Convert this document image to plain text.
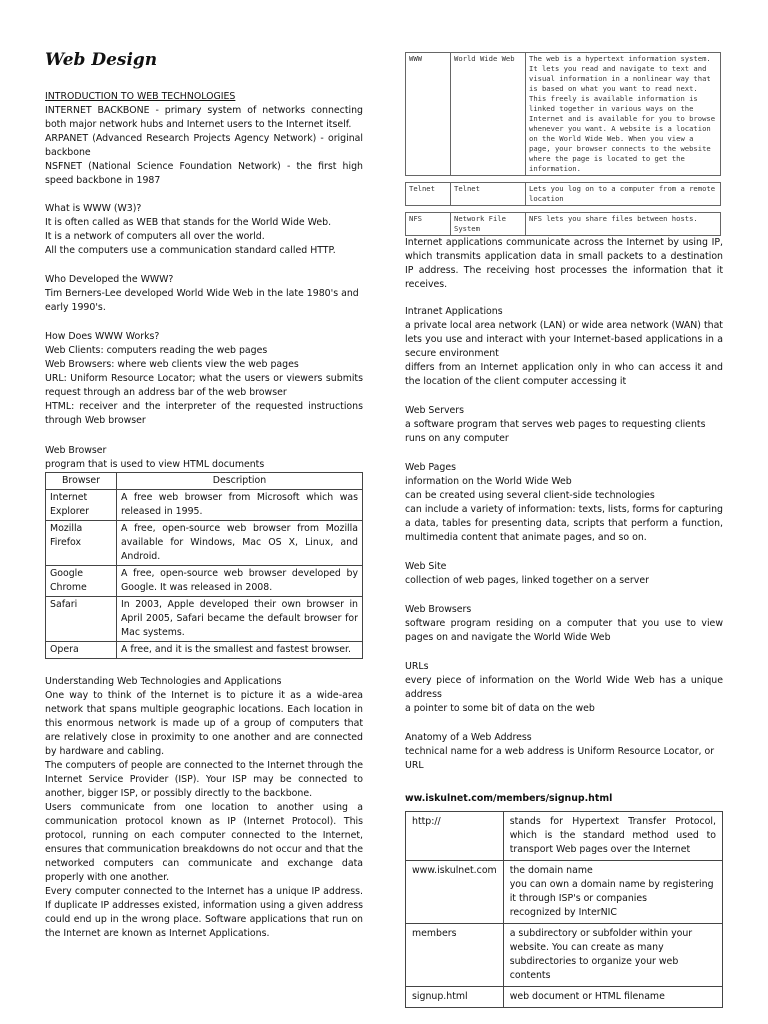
Web Design
INTRODUCTION TO WEB TECHNOLOGIES
INTERNET BACKBONE - primary system of networks connecting both major network hubs and Internet users to the Internet itself.
ARPANET (Advanced Research Projects Agency Network) - original backbone
NSFNET (National Science Foundation Network) - the first high speed backbone in 1987
What is WWW (W3)?
It is often called as WEB that stands for the World Wide Web.
It is a network of computers all over the world.
All the computers use a communication standard called HTTP.
Who Developed the WWW?
Tim Berners-Lee developed World Wide Web in the late 1980's and early 1990's.
How Does WWW Works?
Web Clients: computers reading the web pages
Web Browsers: where web clients view the web pages
URL: Uniform Resource Locator; what the users or viewers submits request through an address bar of the web browser
HTML: receiver and the interpreter of the requested instructions through Web browser
Web Browser
program that is used to view HTML documents
Browser	Description
Internet Explorer	A free web browser from Microsoft which was released in 1995.
Mozilla Firefox	A free, open-source web browser from Mozilla available for Windows, Mac OS X, Linux, and Android.
Google Chrome	A free, open-source web browser developed by Google. It was released in 2008.
Safari	In 2003, Apple developed their own browser in April 2005, Safari became the default browser for Mac systems.
Opera	A free, and it is the smallest and fastest browser.
Understanding Web Technologies and Applications
One way to think of the Internet is to picture it as a wide-area network that spans multiple geographic locations. Each location in this enormous network is made up of a group of computers that are relatively close in proximity to one another and are connected by hardware and cabling.
The computers of people are connected to the Internet through the Internet Service Provider (ISP). Your ISP may be connected to another, bigger ISP, or possibly directly to the backbone.
Users communicate from one location to another using a communication protocol known as IP (Internet Protocol). This protocol, running on each computer connected to the Internet, ensures that communication breakdowns do not occur and that the networked computers can communicate and exchange data properly with one another.
Every computer connected to the Internet has a unique IP address. If duplicate IP addresses existed, information using a given address could end up in the wrong place. Software applications that run on the Internet are known as Internet Applications.
WWW	World Wide Web	The web is a hypertext information system. It lets you read and navigate to text and visual information in a nonlinear way that is based on what you want to read next. This freely is available information is linked together in various ways on the Internet and is available for you to browse whenever you want. A website is a location on the World Wide Web. When you view a page, your browser connects to the website where the page is located to get the information.
Telnet	Telnet	Lets you log on to a computer from a remote location
NFS	Network File System	NFS lets you share files between hosts.
Internet applications communicate across the Internet by using IP, which transmits application data in small packets to a destination IP address. The receiving host processes the information that it receives.
Intranet Applications
a private local area network (LAN) or wide area network (WAN) that lets you use and interact with your Internet-based applications in a secure environment
differs from an Internet application only in who can access it and the location of the client computer accessing it
Web Servers
a software program that serves web pages to requesting clients
runs on any computer
Web Pages
information on the World Wide Web
can be created using several client-side technologies
can include a variety of information: texts, lists, forms for capturing a data, tables for presenting data, scripts that perform a function, multimedia content that animate pages, and so on.
Web Site
collection of web pages, linked together on a server
Web Browsers
software program residing on a computer that you use to view pages on and navigate the World Wide Web
URLs
every piece of information on the World Wide Web has a unique address
a pointer to some bit of data on the web
Anatomy of a Web Address
technical name for a web address is Uniform Resource Locator, or URL
ww.iskulnet.com/members/signup.html
http://	stands for Hypertext Transfer Protocol, which is the standard method used to transport Web pages over the Internet

www.iskulnet.com	the domain name
you can own a domain name by registering it through ISP's or companies
recognized by InterNIC

members	a subdirectory or subfolder within your website. You can create as many subdirectories to organize your web contents

signup.html	web document or HTML filename
